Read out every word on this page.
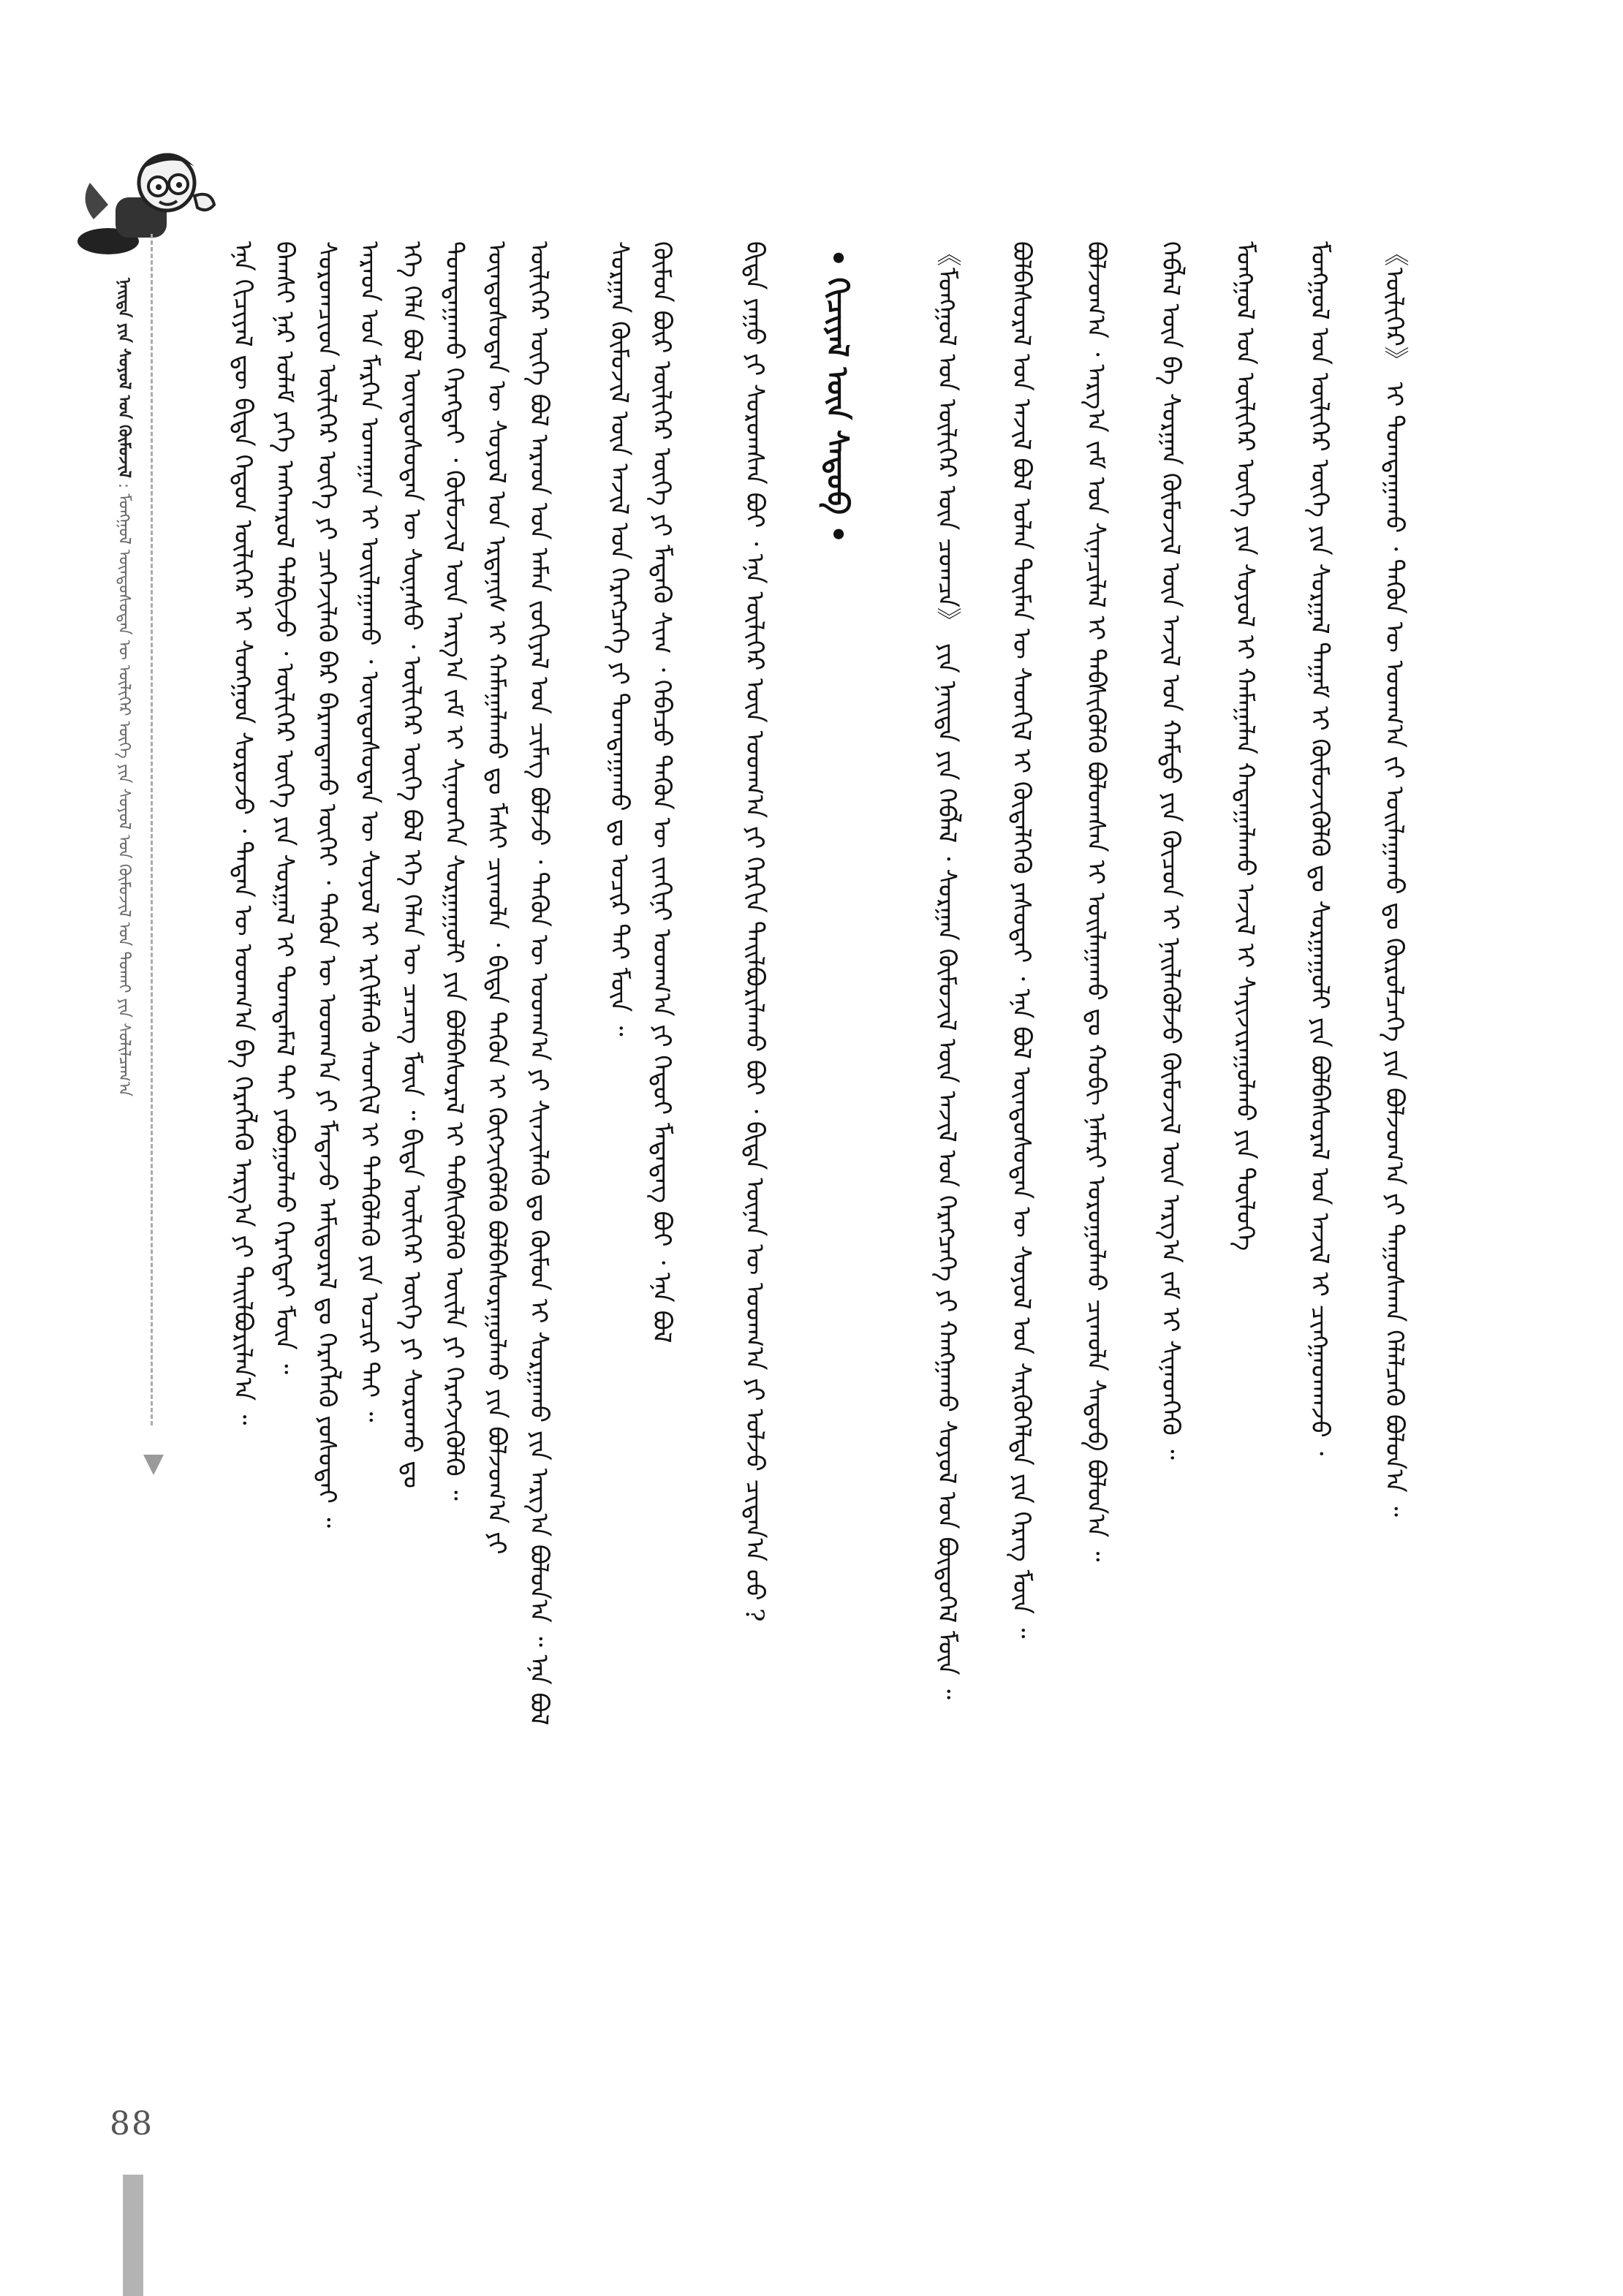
ᠨᠡᠢᠳᠡ ᠶᠢᠨ ᠰᠣᠶᠣᠯ ᠤᠨ ᠬᠦᠮᠦᠵᠢᠯ : ᠮᠣᠩᠭᠣᠯ ᠦᠨᠳᠦᠰᠦᠲᠡᠨ ᠦ ᠦᠯᠢᠭᠡᠷ ᠦᠭᠡ ᠶᠢᠨ ᠰᠣᠶᠣᠯ ᠤᠨ ᠬᠦᠮᠦᠵᠢᠯ ᠤᠨ ᠲᠤᠬᠠᠢ ᠶᠢᠨ ᠰᠣᠯᠢᠯᠴᠠᠭ᠎ᠠ	ᠡᠨᠡ ᠬᠢᠴᠢᠶᠡᠯ ᠳᠦ ᠪᠢᠳᠡ ᠬᠡᠳᠦᠨ ᠦᠯᠢᠭᠡᠷ ᠢ ᠰᠤᠩᠭᠤᠨ ᠰᠤᠷᠤᠵᠤ ᠂ ᠲᠡᠳᠡᠨ ᠦ ᠤᠳᠬ᠎ᠠ ᠪᠠ ᠬᠡᠷᠡᠭᠯᠡᠬᠦ ᠠᠷᠭ᠎ᠠ ᠶᠢ ᠲᠠᠢᠯᠪᠤᠷᠢᠯᠠᠨ᠎ᠠ ᠃ ᠪᠠᠭᠰᠢ ᠨᠠᠷ ᠤᠯᠠᠮ ᠶᠡᠬᠡ ᠠᠩᠬᠠᠷᠤᠯ ᠲᠠᠯᠪᠢᠵᠤ ᠂ ᠦᠯᠢᠭᠡᠷ ᠦᠭᠡ ᠶᠢᠨ ᠰᠤᠷᠭᠠᠯ ᠢ ᠲᠣᠭᠲᠠᠮᠠᠯ ᠲᠠᠢ ᠶᠠᠪᠤᠭᠤᠯᠬᠤ ᠬᠡᠷᠡᠭᠲᠡᠢ ᠮᠥᠨ ᠃ ᠰᠤᠷᠤᠭᠴᠢᠳ ᠦᠯᠢᠭᠡᠷ ᠦᠭᠡ ᠶᠢ ᠴᠡᠭᠡᠵᠢᠯᠡᠬᠦ ᠪᠡᠷ ᠪᠠᠷᠠᠭᠳᠠᠬᠤ ᠦᠭᠡᠢ ᠂ ᠲᠡᠭᠦᠨ ᠦ ᠤᠳᠬ᠎ᠠ ᠶᠢ ᠮᠡᠳᠡᠵᠦ ᠠᠮᠢᠳᠤᠷᠠᠯ ᠳᠤ ᠬᠡᠷᠡᠭᠯᠡᠬᠦ ᠶᠣᠰᠣᠲᠠᠢ ᠃ ᠠᠷᠠᠳ ᠤᠨ ᠮᠡᠷᠭᠡᠨ ᠤᠬᠠᠭᠠᠨ ᠢ ᠣᠢᠯᠠᠭᠠᠬᠤ ᠂ ᠦᠨᠳᠦᠰᠦᠲᠡᠨ ᠦ ᠰᠣᠶᠣᠯ ᠢ ᠡᠷᠬᠢᠮᠯᠡᠬᠦ ᠰᠡᠳᠬᠢᠯ ᠢ ᠲᠡᠲᠬᠦᠯᠡᠬᠦ ᠶᠢᠨ ᠤᠴᠢᠷ ᠲᠠᠢ ᠃ ᠡᠬᠡ ᠬᠡᠯᠡ ᠪᠣᠯ ᠦᠨᠳᠦᠰᠦᠲᠡᠨ ᠦ ᠰᠦᠨᠡᠰᠦ ᠂ ᠦᠯᠢᠭᠡᠷ ᠦᠭᠡ ᠪᠣᠯ ᠡᠬᠡ ᠬᠡᠯᠡᠨ ᠦ ᠴᠡᠴᠡᠭ ᠮᠥᠨ ᠃ ᠪᠢᠳᠡ ᠦᠯᠢᠭᠡᠷ ᠦᠭᠡ ᠶᠢ ᠰᠤᠷᠤᠬᠤ ᠳᠤ ᠲᠣᠭᠲᠠᠭᠠᠬᠤ ᠬᠡᠷᠡᠭᠲᠡᠢ ᠂ ᠬᠦᠮᠦᠵᠢᠯ ᠦᠨ ᠠᠷᠭ᠎ᠠ ᠵᠠᠮ ᠢ ᠰᠢᠨᠡᠳᠬᠡᠨ ᠰᠤᠷᠭᠠᠭᠤᠯᠢ ᠶᠢᠨ ᠪᠣᠯᠪᠠᠰᠤᠷᠠᠯ ᠢ ᠳᠡᠪᠰᠢᠭᠦᠯᠬᠦ ᠦᠢᠯᠡ ᠶᠢ ᠬᠡᠷᠡᠭᠵᠢᠭᠦᠯᠬᠦ ᠃ ᠦᠨᠳᠦᠰᠦᠲᠡᠨ ᠦ ᠰᠣᠶᠣᠯ ᠤᠨ ᠡᠷᠳᠡᠨᠢᠰ ᠢ ᠬᠠᠮᠠᠭᠠᠯᠠᠬᠤ ᠳᠤ ᠮᠠᠰᠢ ᠴᠢᠬᠤᠯᠠ ᠂ ᠪᠢᠳᠡ ᠲᠡᠭᠦᠨ ᠢ ᠬᠥᠭᠵᠢᠭᠦᠯᠬᠦ ᠪᠣᠯᠪᠠᠰᠤᠷᠠᠭᠤᠯᠬᠤ ᠶᠢᠨ ᠪᠣᠯᠵᠣᠭ᠎ᠠ ᠶᠢ ᠦᠯᠢᠭᠡᠷ ᠦᠭᠡ ᠪᠣᠯ ᠠᠷᠠᠳ ᠤᠨ ᠠᠮᠠᠨ ᠵᠣᠬᠢᠶᠠᠯ ᠤᠨ ᠴᠢᠮᠡᠭ ᠪᠣᠯᠵᠤ ᠂ ᠲᠡᠭᠦᠨ ᠦ ᠤᠳᠬ᠎ᠠ ᠶᠢ ᠰᠢᠨᠵᠢᠯᠡᠬᠦ ᠳᠤ ᠬᠦᠮᠦᠨ ᠢ ᠰᠤᠷᠭᠠᠬᠤ ᠶᠢᠨ ᠠᠷᠭ᠎ᠠ ᠪᠣᠯᠤᠨ᠎ᠠ ᠃ ᠡᠨᠡ ᠪᠣᠯ ᠰᠤᠷᠭᠠᠨ ᠬᠦᠮᠦᠵᠢᠯ ᠦᠨ ᠠᠵᠢᠯ ᠤᠨ ᠬᠡᠷᠡᠭᠴᠡᠭᠡ ᠶᠢ ᠲᠣᠭᠲᠠᠭᠠᠬᠤ ᠳᠤ ᠤᠴᠢᠷ ᠲᠠᠢ ᠮᠥᠨ ᠃ ᠬᠦᠮᠦᠨ ᠪᠦᠷ ᠦᠯᠢᠭᠡᠷ ᠦᠭᠡ ᠶᠢ ᠮᠡᠳᠡᠬᠦ ᠰᠢᠭ᠋ ᠂ ᠭᠡᠪᠡᠴᠦ ᠲᠡᠭᠦᠨ ᠦ ᠵᠢᠨᠬᠢᠨᠢ ᠤᠳᠬ᠎ᠠ ᠶᠢ ᠬᠡᠳᠦᠢ ᠮᠡᠳᠡᠳᠡᠭ ᠪᠤᠢ ᠂ ᠡᠨᠡ ᠪᠣᠯ	ᠪᠢᠳᠡ ᠶᠠᠭᠤ ᠶᠢ ᠰᠤᠷᠤᠭᠰᠠᠨ ᠪᠤᠢ ᠂ ᠡᠨᠡ ᠦᠯᠢᠭᠡᠷ ᠦᠨ ᠤᠳᠬ᠎ᠠ ᠶᠢ ᠬᠡᠷᠬᠢᠨ ᠲᠠᠢᠯᠪᠤᠷᠢᠯᠠᠬᠤ ᠪᠤᠢ ᠂ ᠪᠢᠳᠡ ᠦᠨᠡᠨ ᠦ ᠤᠳᠬ᠎ᠠ ᠶᠢ ᠣᠯᠵᠤ ᠴᠢᠳᠠᠨ᠎ᠠ ᠤᠤ ? • ᠬᠢᠴᠢᠶᠡᠯ ᠦᠨ ᠰᠡᠳᠦᠪ •	《ᠮᠣᠩᠭᠣᠯ ᠤᠨ ᠦᠯᠢᠭᠡᠷ ᠦᠨ ᠴᠣᠭᠴᠠ》 ᠶᠢᠨ ᠨᠡᠢᠳᠡ ᠶᠢᠨ ᠬᠡᠪᠯᠡᠯ ᠂ ᠰᠤᠷᠭᠠᠨ ᠬᠦᠮᠦᠵᠢᠯ ᠦᠨ ᠠᠵᠢᠯ ᠤᠨ ᠬᠡᠷᠡᠭᠴᠡᠭᠡ ᠶᠢ ᠬᠠᠩᠭᠠᠬᠤ ᠰᠣᠶᠣᠯ ᠤᠨ ᠪᠦᠲᠦᠭᠡᠯ ᠮᠥᠨ ᠃ ᠪᠣᠯᠪᠠᠰᠤᠷᠠᠯ ᠤᠨ ᠠᠵᠢᠯ ᠪᠣᠯ ᠣᠯᠠᠨ ᠲᠦᠮᠡᠨ ᠦ ᠰᠡᠳᠬᠢᠯ ᠢ ᠬᠥᠳᠡᠯᠭᠡᠬᠦ ᠶᠠᠰᠤᠲᠠᠢ ᠂ ᠡᠨᠡ ᠪᠣᠯ ᠦᠨᠳᠦᠰᠦᠲᠡᠨ ᠦ ᠰᠣᠶᠣᠯ ᠤᠨ ᠰᠡᠷᠭᠦᠭᠡᠯᠲᠡ ᠶᠢᠨ ᠬᠡᠷᠡᠭ ᠮᠥᠨ ᠃ ᠪᠣᠯᠵᠣᠭ᠎ᠠ ᠂ ᠠᠷᠭ᠎ᠠ ᠵᠠᠮ ᠤᠨ ᠰᠢᠨᠡᠴᠢᠯᠡᠯ ᠢ ᠳᠡᠪᠰᠢᠭᠦᠯᠬᠦ ᠪᠣᠯᠣᠭᠰᠠᠨ ᠢ ᠣᠢᠯᠠᠭᠠᠬᠤ ᠳᠤ ᠬᠤᠪᠢ ᠨᠡᠮᠡᠷᠢ ᠣᠷᠣᠭᠤᠯᠬᠤ ᠴᠢᠬᠤᠯᠠ ᠰᠡᠳᠦᠪ ᠪᠣᠯᠤᠨ᠎ᠠ ᠃ ᠬᠡᠪᠯᠡᠯ ᠦᠨ ᠪᠠ ᠰᠤᠷᠭᠠᠨ ᠬᠦᠮᠦᠵᠢᠯ ᠦᠨ ᠠᠵᠢᠯ ᠤᠨ ᠬᠠᠮᠲᠤ ᠶᠢᠨ ᠬᠦᠴᠦᠨ ᠢ ᠨᠡᠢᠯᠡᠭᠦᠯᠵᠦ ᠬᠦᠮᠦᠵᠢᠯ ᠦᠨ ᠠᠷᠭ᠎ᠠ ᠵᠠᠮ ᠢ ᠰᠢᠨᠡᠳᠬᠡᠬᠦ ᠃ ᠮᠣᠩᠭᠣᠯ ᠤᠨ ᠦᠯᠢᠭᠡᠷ ᠦᠭᠡ ᠶᠢᠨ ᠰᠣᠶᠣᠯ ᠢ ᠬᠠᠮᠠᠭᠠᠯᠠᠨ ᠬᠠᠳᠠᠭᠠᠯᠠᠬᠤ ᠠᠵᠢᠯ ᠢ ᠰᠠᠶᠢᠵᠢᠷᠠᠭᠤᠯᠬᠤ ᠶᠢᠨ ᠲᠥᠯᠦᠭᠡ ᠮᠣᠩᠭᠣᠯ ᠤᠨ ᠦᠯᠢᠭᠡᠷ ᠦᠭᠡ ᠶᠢᠨ ᠰᠤᠷᠭᠠᠯ ᠲᠠᠭᠠᠮ ᠢ ᠬᠦᠮᠦᠵᠢᠭᠦᠯᠬᠦ ᠳᠤ ᠰᠤᠷᠭᠠᠭᠤᠯᠢ ᠶᠢᠨ ᠪᠣᠯᠪᠠᠰᠤᠷᠠᠯ ᠤᠨ ᠠᠵᠢᠯ ᠢ ᠴᠢᠩᠭᠠᠳᠬᠠᠵᠤ ᠂ 《ᠦᠯᠢᠭᠡᠷ》 ᠢ ᠲᠣᠭᠲᠠᠭᠠᠬᠤ ᠂ ᠲᠡᠭᠦᠨ ᠦ ᠤᠳᠬ᠎ᠠ ᠵᠢ ᠣᠢᠯᠠᠭᠠᠬᠤ ᠳᠤ ᠬᠦᠷᠦᠯᠴᠡᠭᠡ ᠶᠢᠨ ᠪᠣᠯᠵᠣᠭ᠎ᠠ ᠶᠢ ᠳᠠᠭᠤᠰᠬᠠᠨ ᠬᠡᠯᠡᠯᠴᠡᠬᠦ ᠪᠣᠯᠤᠨ᠎ᠠ ᠃
88
